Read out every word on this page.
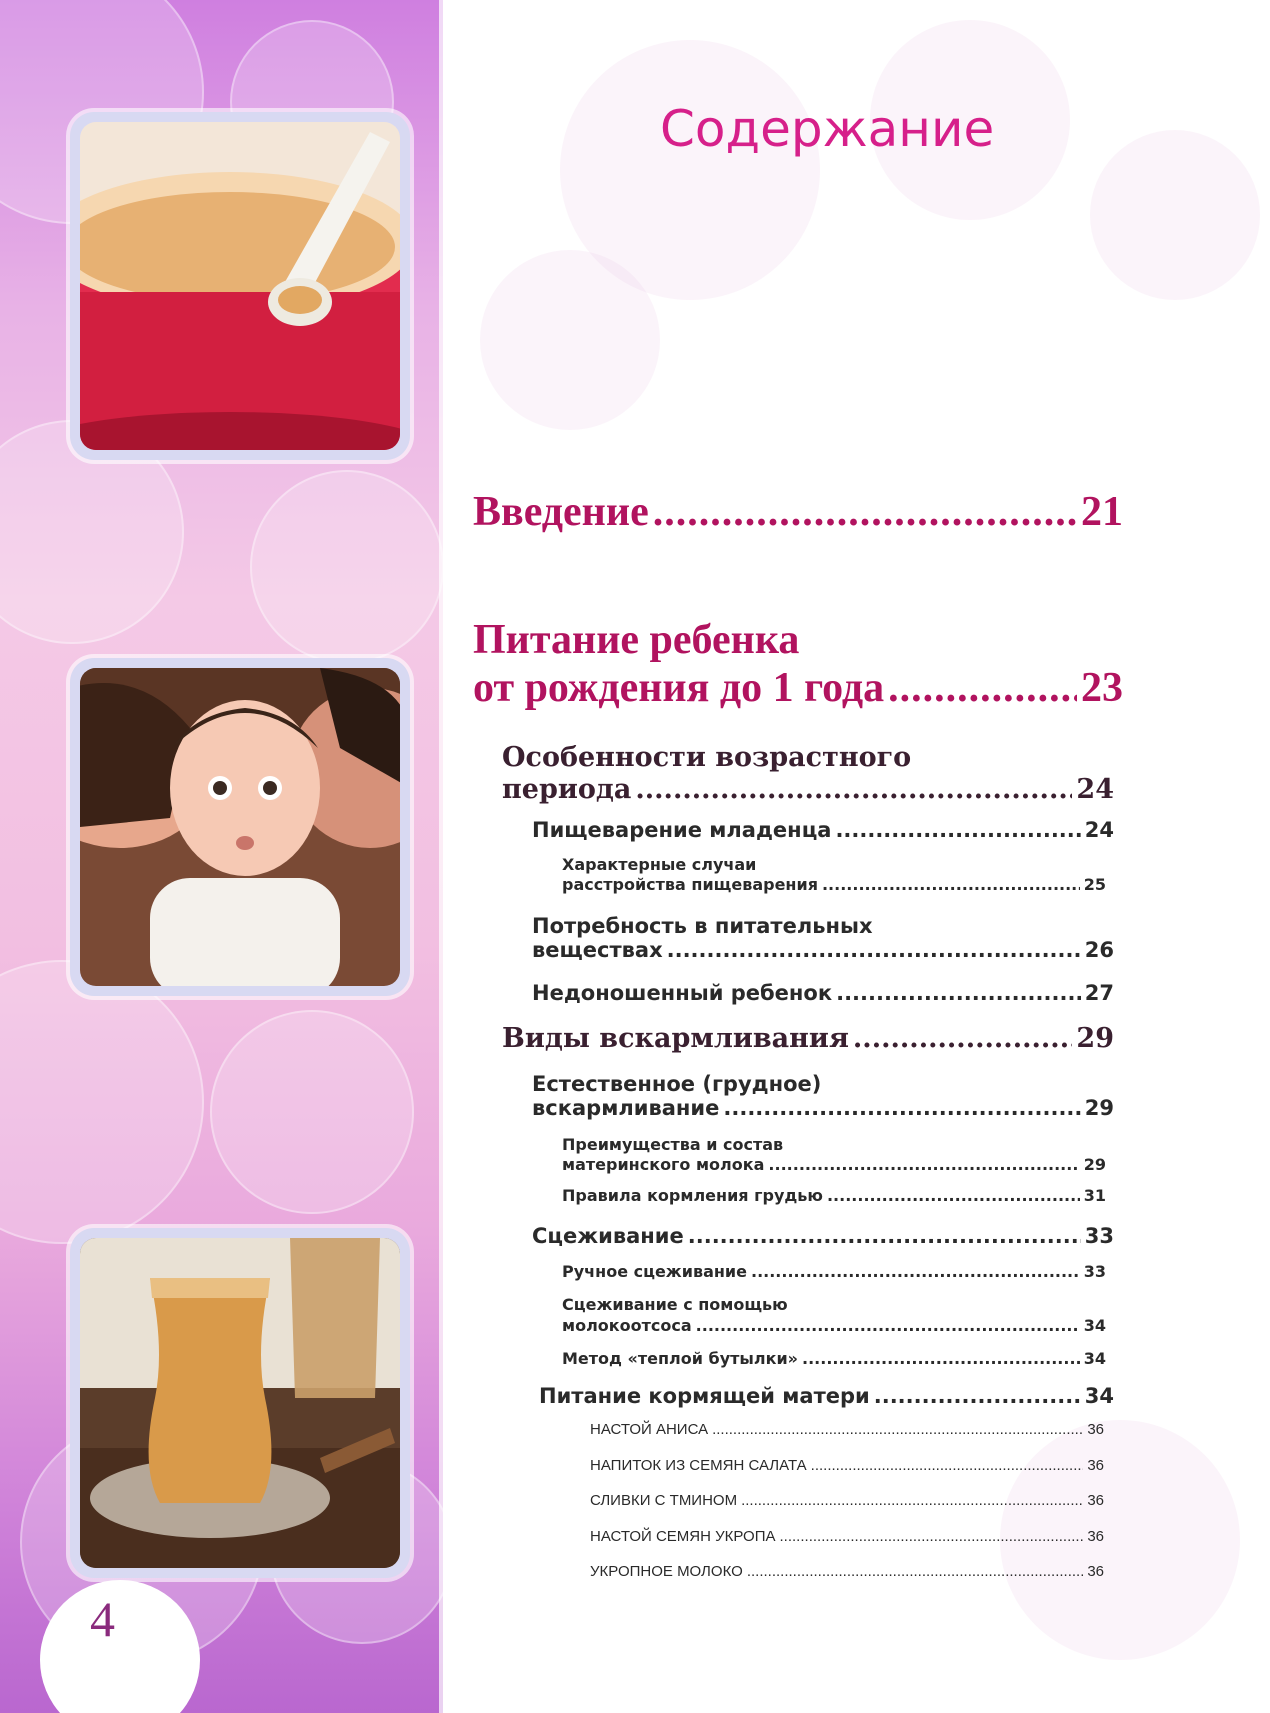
4
Содержание
Введение .....	21
Питание ребенка
от рождения до 1 года .....	23
Особенности возрастного
периода .....	24
Пищеварение младенца .....	24
Характерные случаи
расстройства пищеварения .....	25
Потребность в питательных
веществах .....	26
Недоношенный ребенок .....	27
Виды вскармливания .....	29
Естественное (грудное)
вскармливание .....	29
Преимущества и состав
материнского молока .....	29
Правила кормления грудью .....	31
Сцеживание .....	33
Ручное сцеживание .....	33
Сцеживание с помощью
молокоотсоса .....	34
Метод «теплой бутылки» .....	34
Питание кормящей матери .....	34
НАСТОЙ АНИСА .....	36
НАПИТОК ИЗ СЕМЯН САЛАТА .....	36
СЛИВКИ С ТМИНОМ .....	36
НАСТОЙ СЕМЯН УКРОПА .....	36
УКРОПНОЕ МОЛОКО .....	36
